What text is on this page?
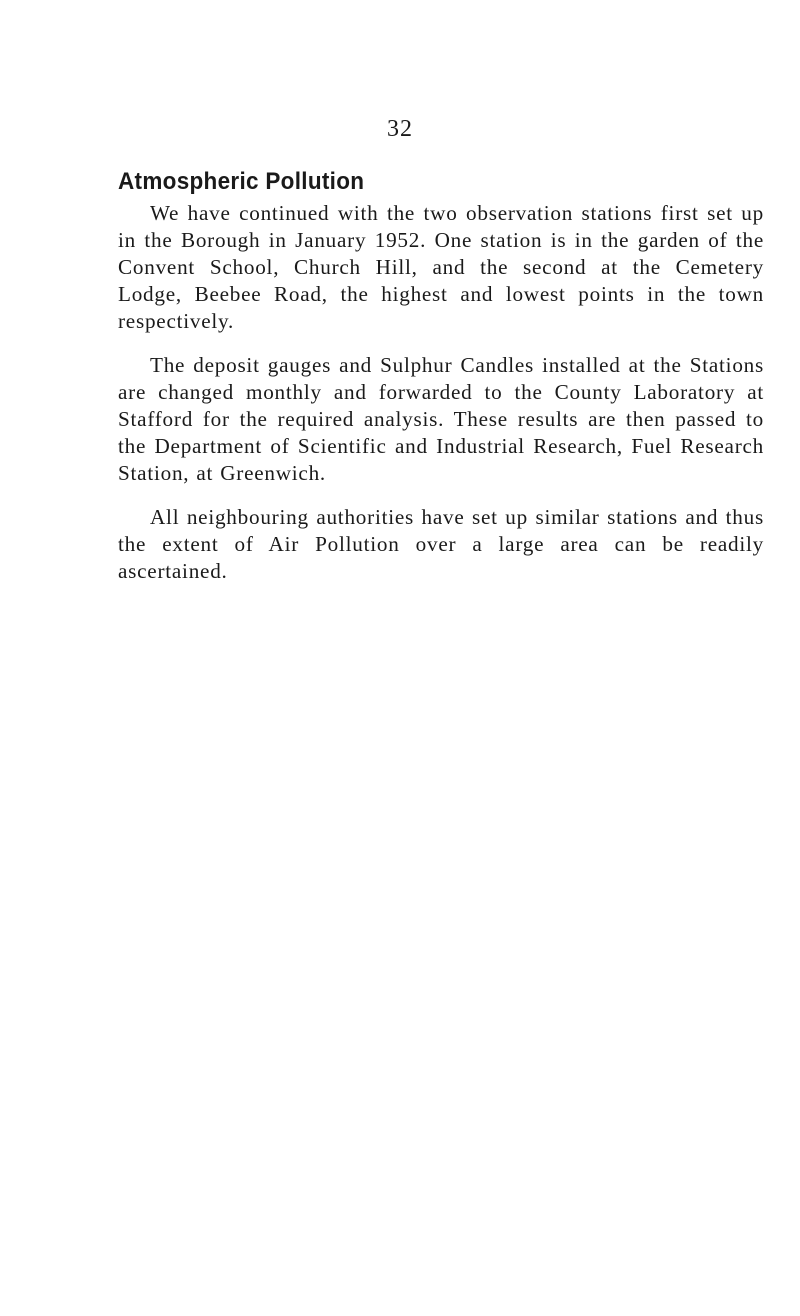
32
Atmospheric Pollution

We have continued with the two observation stations first set up in the Borough in January 1952. One station is in the garden of the Convent School, Church Hill, and the second at the Cemetery Lodge, Beebee Road, the highest and lowest points in the town respectively.

The deposit gauges and Sulphur Candles installed at the Stations are changed monthly and forwarded to the County Laboratory at Stafford for the required analysis. These results are then passed to the Department of Scientific and Industrial Research, Fuel Research Station, at Greenwich.

All neighbouring authorities have set up similar stations and thus the extent of Air Pollution over a large area can be readily ascertained.
